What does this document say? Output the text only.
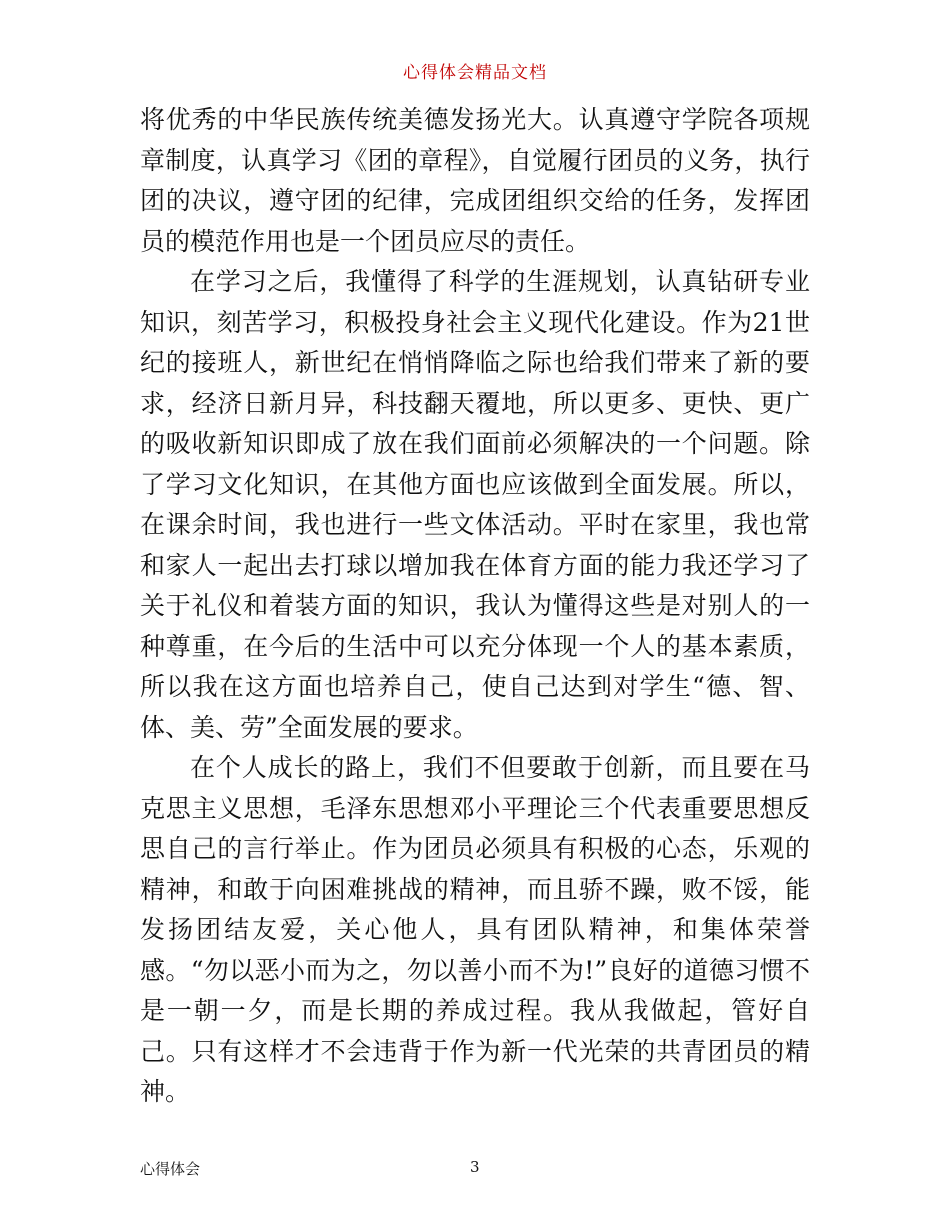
心得体会精品文档

将优秀的中华民族传统美德发扬光大。认真遵守学院各项规章制度，认真学习《团的章程》，自觉履行团员的义务，执行团的决议，遵守团的纪律，完成团组织交给的任务，发挥团员的模范作用也是一个团员应尽的责任。

在学习之后，我懂得了科学的生涯规划，认真钻研专业知识，刻苦学习，积极投身社会主义现代化建设。作为21世纪的接班人，新世纪在悄悄降临之际也给我们带来了新的要求，经济日新月异，科技翻天覆地，所以更多、更快、更广的吸收新知识即成了放在我们面前必须解决的一个问题。除了学习文化知识，在其他方面也应该做到全面发展。所以，在课余时间，我也进行一些文体活动。平时在家里，我也常和家人一起出去打球以增加我在体育方面的能力我还学习了关于礼仪和着装方面的知识，我认为懂得这些是对别人的一种尊重，在今后的生活中可以充分体现一个人的基本素质，所以我在这方面也培养自己，使自己达到对学生“德、智、体、美、劳”全面发展的要求。

在个人成长的路上，我们不但要敢于创新，而且要在马克思主义思想，毛泽东思想邓小平理论三个代表重要思想反思自己的言行举止。作为团员必须具有积极的心态，乐观的精神，和敢于向困难挑战的精神，而且骄不躁，败不馁，能发扬团结友爱，关心他人，具有团队精神，和集体荣誉感。“勿以恶小而为之，勿以善小而不为!”良好的道德习惯不是一朝一夕，而是长期的养成过程。我从我做起，管好自己。只有这样才不会违背于作为新一代光荣的共青团员的精神。

心得体会	3
